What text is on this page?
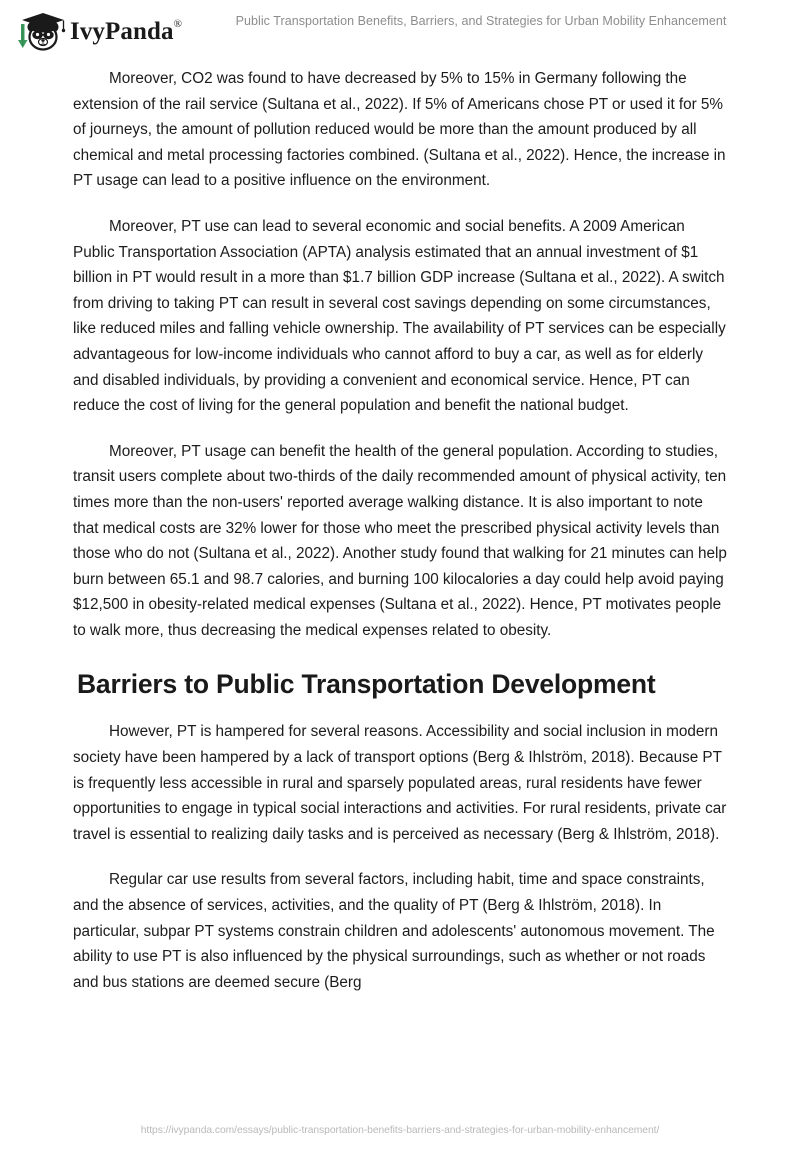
IvyPanda®	Public Transportation Benefits, Barriers, and Strategies for Urban Mobility Enhancement

Moreover, CO2 was found to have decreased by 5% to 15% in Germany following the extension of the rail service (Sultana et al., 2022). If 5% of Americans chose PT or used it for 5% of journeys, the amount of pollution reduced would be more than the amount produced by all chemical and metal processing factories combined. (Sultana et al., 2022). Hence, the increase in PT usage can lead to a positive influence on the environment.

Moreover, PT use can lead to several economic and social benefits. A 2009 American Public Transportation Association (APTA) analysis estimated that an annual investment of $1 billion in PT would result in a more than $1.7 billion GDP increase (Sultana et al., 2022). A switch from driving to taking PT can result in several cost savings depending on some circumstances, like reduced miles and falling vehicle ownership. The availability of PT services can be especially advantageous for low-income individuals who cannot afford to buy a car, as well as for elderly and disabled individuals, by providing a convenient and economical service. Hence, PT can reduce the cost of living for the general population and benefit the national budget.

Moreover, PT usage can benefit the health of the general population. According to studies, transit users complete about two-thirds of the daily recommended amount of physical activity, ten times more than the non-users' reported average walking distance. It is also important to note that medical costs are 32% lower for those who meet the prescribed physical activity levels than those who do not (Sultana et al., 2022). Another study found that walking for 21 minutes can help burn between 65.1 and 98.7 calories, and burning 100 kilocalories a day could help avoid paying $12,500 in obesity-related medical expenses (Sultana et al., 2022). Hence, PT motivates people to walk more, thus decreasing the medical expenses related to obesity.

Barriers to Public Transportation Development

However, PT is hampered for several reasons. Accessibility and social inclusion in modern society have been hampered by a lack of transport options (Berg & Ihlström, 2018). Because PT is frequently less accessible in rural and sparsely populated areas, rural residents have fewer opportunities to engage in typical social interactions and activities. For rural residents, private car travel is essential to realizing daily tasks and is perceived as necessary (Berg & Ihlström, 2018).

Regular car use results from several factors, including habit, time and space constraints, and the absence of services, activities, and the quality of PT (Berg & Ihlström, 2018). In particular, subpar PT systems constrain children and adolescents' autonomous movement. The ability to use PT is also influenced by the physical surroundings, such as whether or not roads and bus stations are deemed secure (Berg

https://ivypanda.com/essays/public-transportation-benefits-barriers-and-strategies-for-urban-mobility-enhancement/
